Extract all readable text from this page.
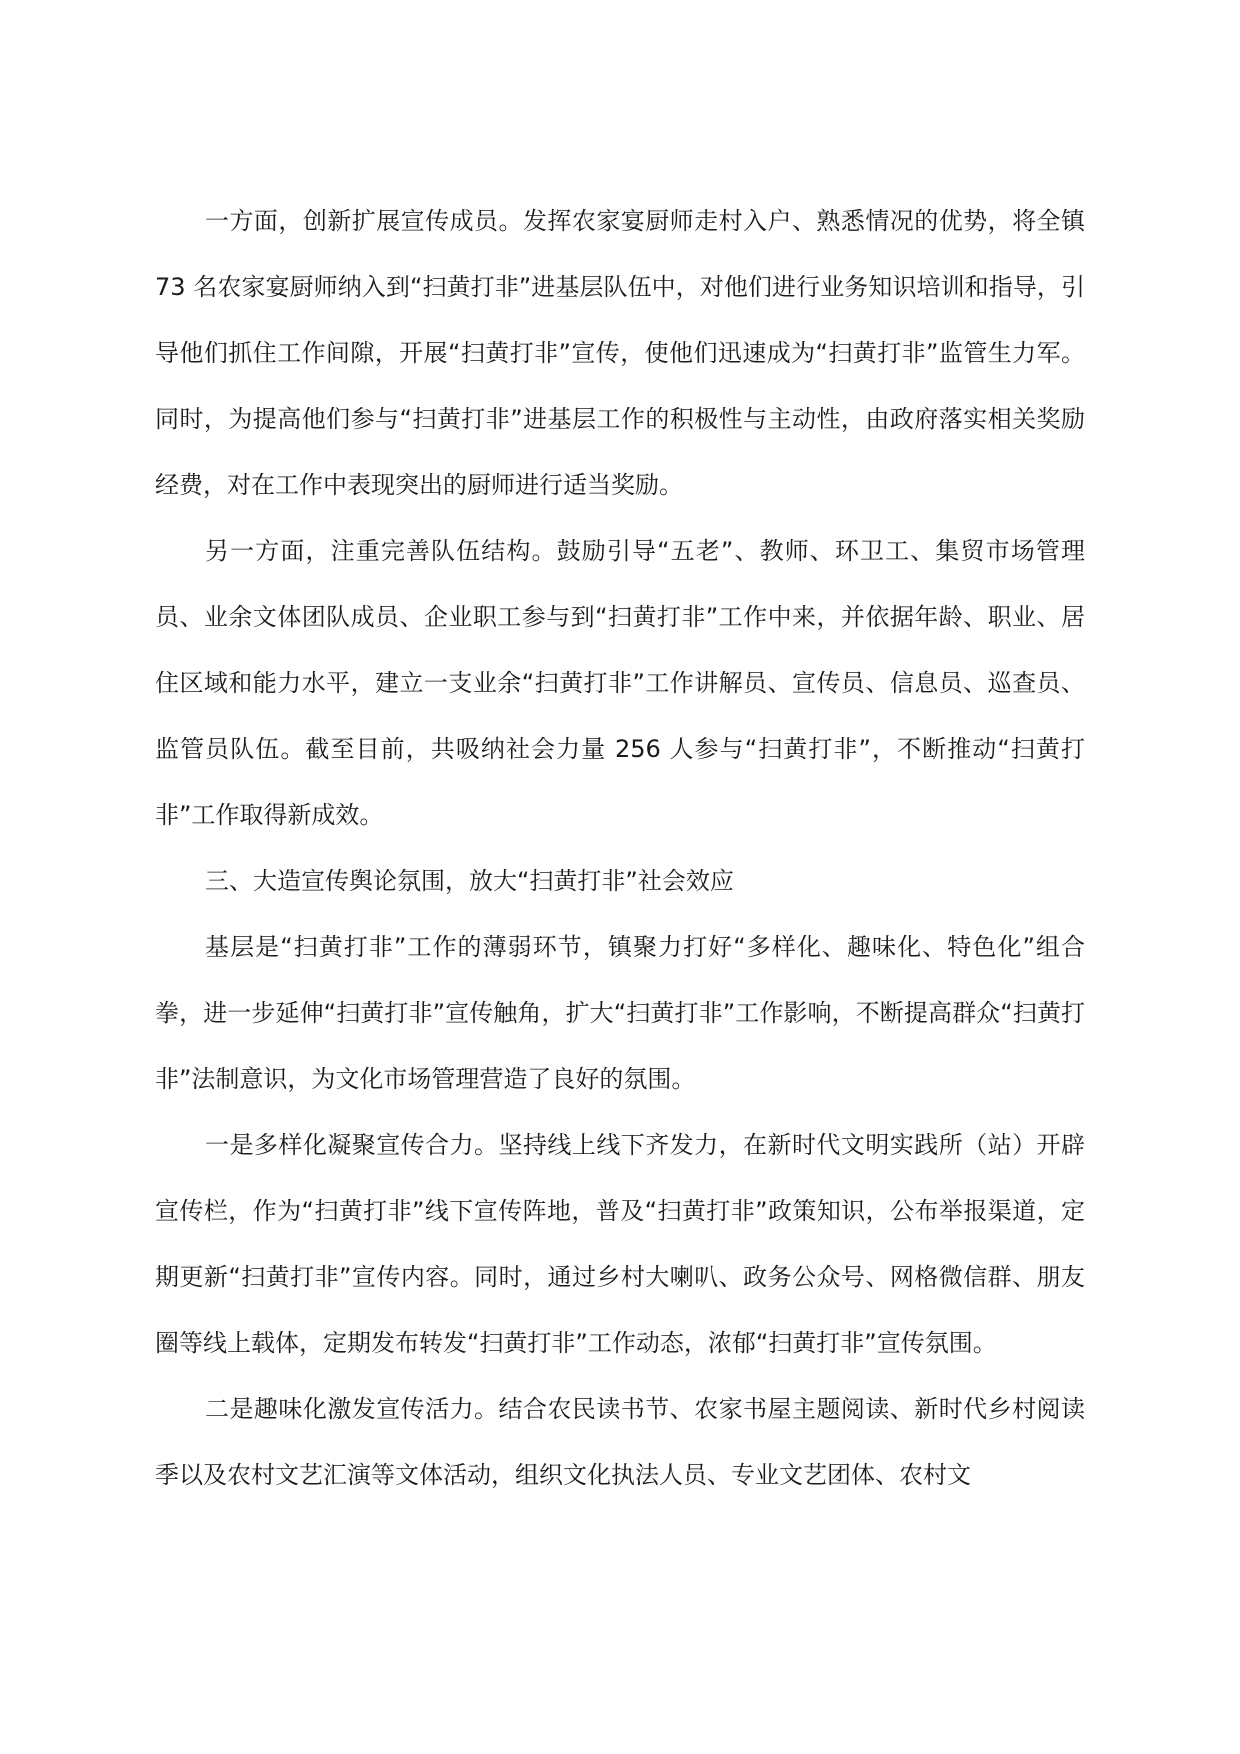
一方面，创新扩展宣传成员。发挥农家宴厨师走村入户、熟悉情况的优势，将全镇 73 名农家宴厨师纳入到“扫黄打非”进基层队伍中，对他们进行业务知识培训和指导，引导他们抓住工作间隙，开展“扫黄打非”宣传，使他们迅速成为“扫黄打非”监管生力军。同时，为提高他们参与“扫黄打非”进基层工作的积极性与主动性，由政府落实相关奖励经费，对在工作中表现突出的厨师进行适当奖励。

另一方面，注重完善队伍结构。鼓励引导“五老”、教师、环卫工、集贸市场管理员、业余文体团队成员、企业职工参与到“扫黄打非”工作中来，并依据年龄、职业、居住区域和能力水平，建立一支业余“扫黄打非”工作讲解员、宣传员、信息员、巡查员、监管员队伍。截至目前，共吸纳社会力量 256 人参与“扫黄打非”，不断推动“扫黄打非”工作取得新成效。

三、大造宣传舆论氛围，放大“扫黄打非”社会效应

基层是“扫黄打非”工作的薄弱环节，镇聚力打好“多样化、趣味化、特色化”组合拳，进一步延伸“扫黄打非”宣传触角，扩大“扫黄打非”工作影响，不断提高群众“扫黄打非”法制意识，为文化市场管理营造了良好的氛围。

一是多样化凝聚宣传合力。坚持线上线下齐发力，在新时代文明实践所（站）开辟 宣传栏，作为“扫黄打非”线下宣传阵地，普及“扫黄打非”政策知识，公布举报渠道，定期更新“扫黄打非”宣传内容。同时，通过乡村大喇叭、政务公众号、网格微信群、朋友圈等线上载体，定期发布转发“扫黄打非”工作动态，浓郁“扫黄打非”宣传氛围。

二是趣味化激发宣传活力。结合农民读书节、农家书屋主题阅读、新时代乡村阅读季以及农村文艺汇演等文体活动，组织文化执法人员、专业文艺团体、农村文
